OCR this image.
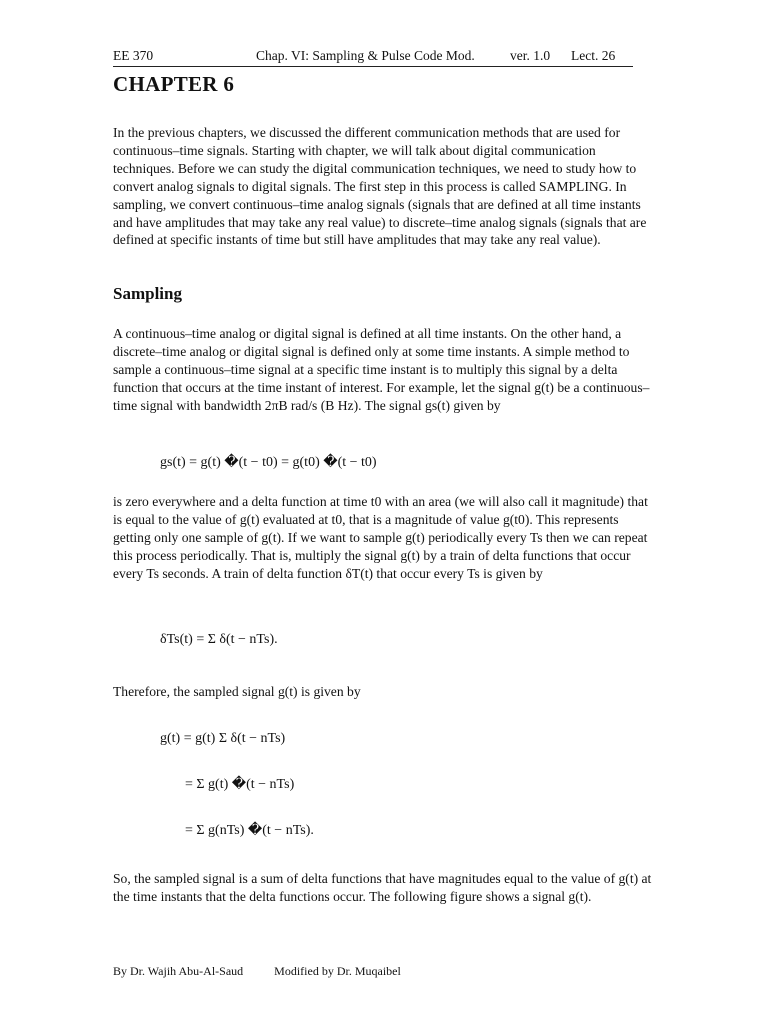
EE 370	Chap. VI: Sampling & Pulse Code Mod.	ver. 1.0 Lect. 26
CHAPTER 6
In the previous chapters, we discussed the different communication methods that are used for continuous–time signals. Starting with chapter, we will talk about digital communication techniques. Before we can study the digital communication techniques, we need to study how to convert analog signals to digital signals. The first step in this process is called SAMPLING. In sampling, we convert continuous–time analog signals (signals that are defined at all time instants and have amplitudes that may take any real value) to discrete–time analog signals (signals that are defined at specific instants of time but still have amplitudes that may take any real value).
Sampling
A continuous–time analog or digital signal is defined at all time instants. On the other hand, a discrete–time analog or digital signal is defined only at some time instants. A simple method to sample a continuous–time signal at a specific time instant is to multiply this signal by a delta function that occurs at the time instant of interest. For example, let the signal g(t) be a continuous–time signal with bandwidth 2πB rad/s (B Hz). The signal gs(t) given by
gs(t) = g(t) �(t − t0) = g(t0) �(t − t0)
is zero everywhere and a delta function at time t0 with an area (we will also call it magnitude) that is equal to the value of g(t) evaluated at t0, that is a magnitude of value g(t0). This represents getting only one sample of g(t). If we want to sample g(t) periodically every Ts then we can repeat this process periodically. That is, multiply the signal g(t) by a train of delta functions that occur every Ts seconds. A train of delta function δT(t) that occur every Ts is given by
δTs(t) = Σ δ(t − nTs).
Therefore, the sampled signal g(t) is given by
g(t) = g(t) Σ δ(t − nTs)
= Σ g(t) �(t − nTs)
= Σ g(nTs) �(t − nTs).
So, the sampled signal is a sum of delta functions that have magnitudes equal to the value of g(t) at the time instants that the delta functions occur. The following figure shows a signal g(t).
By Dr. Wajih Abu-Al-Saud	Modified by Dr. Muqaibel
